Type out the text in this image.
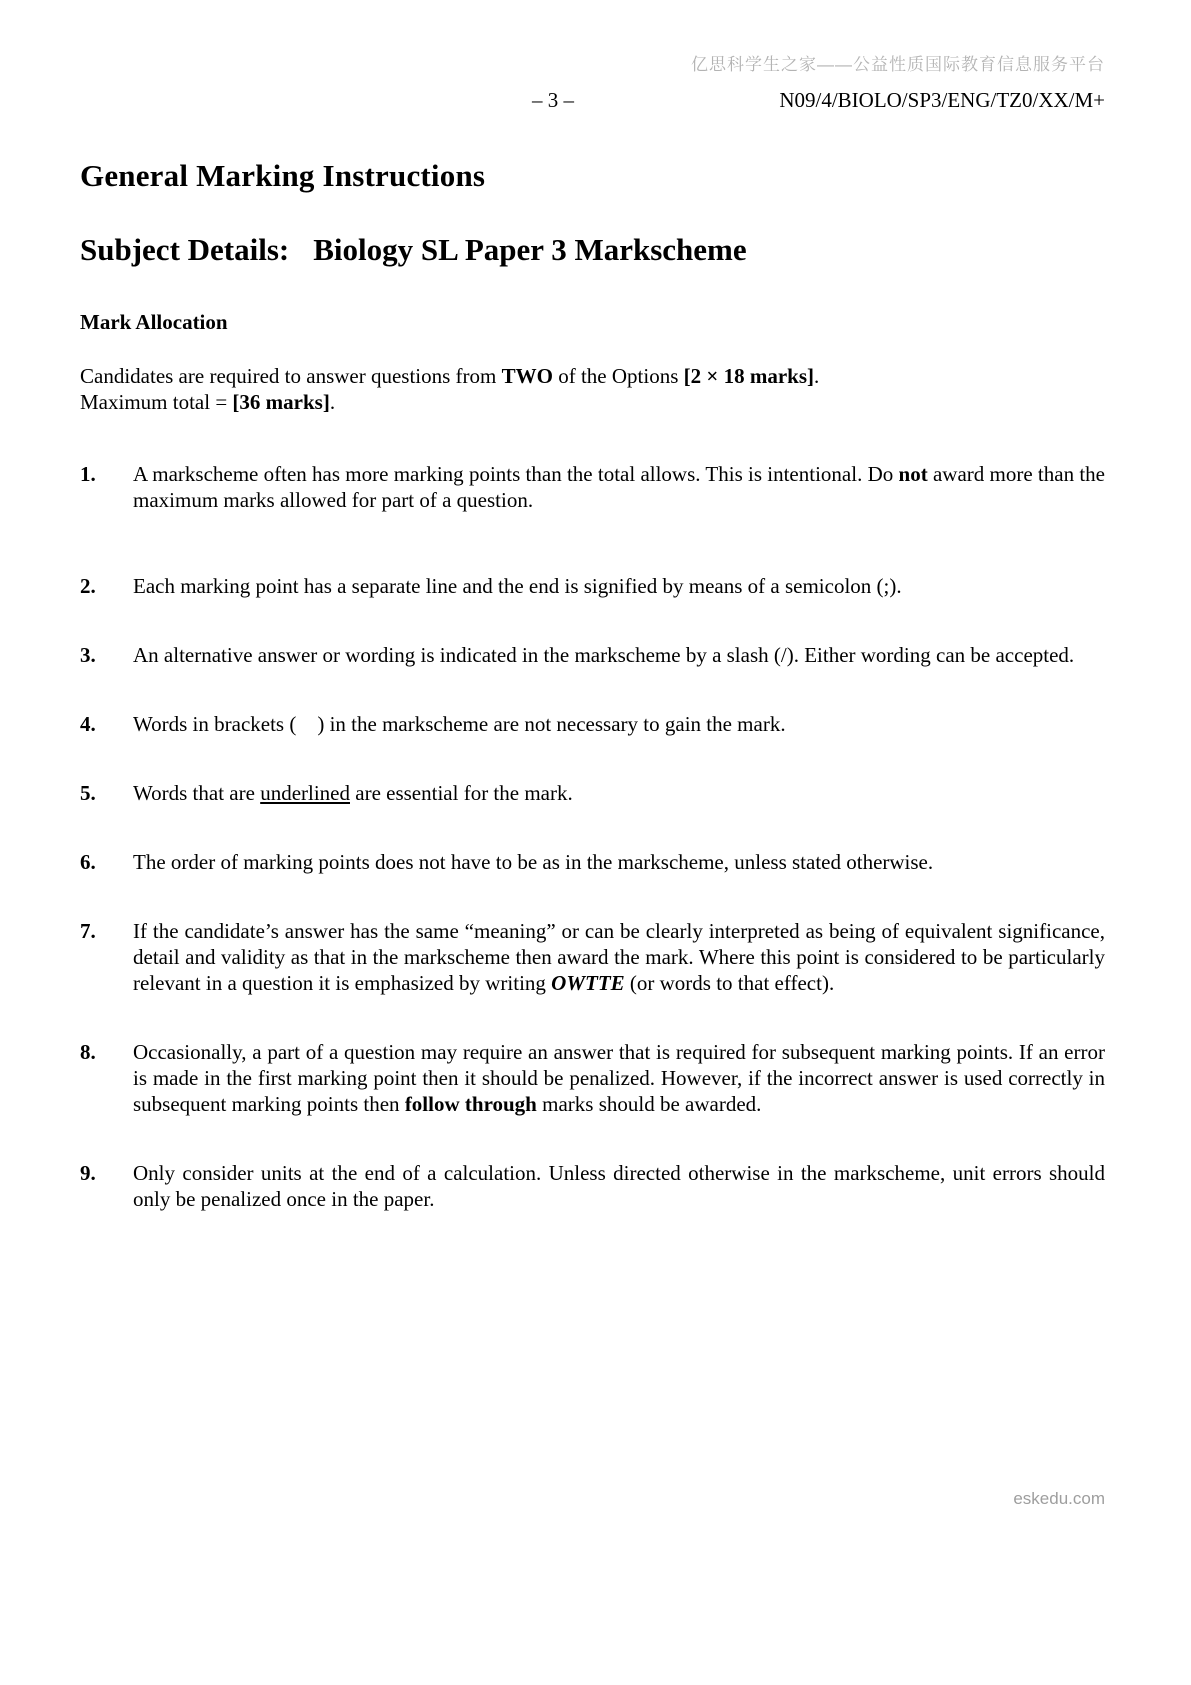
亿思科学生之家——公益性质国际教育信息服务平台
– 3 –	N09/4/BIOLO/SP3/ENG/TZ0/XX/M+
General Marking Instructions
Subject Details: Biology SL Paper 3 Markscheme
Mark Allocation
Candidates are required to answer questions from TWO of the Options [2 × 18 marks].
Maximum total = [36 marks].
1.	A markscheme often has more marking points than the total allows. This is intentional. Do not award more than the maximum marks allowed for part of a question.
2.	Each marking point has a separate line and the end is signified by means of a semicolon (;).
3.	An alternative answer or wording is indicated in the markscheme by a slash (/). Either wording can be accepted.
4.	Words in brackets (    ) in the markscheme are not necessary to gain the mark.
5.	Words that are underlined are essential for the mark.
6.	The order of marking points does not have to be as in the markscheme, unless stated otherwise.
7.	If the candidate’s answer has the same “meaning” or can be clearly interpreted as being of equivalent significance, detail and validity as that in the markscheme then award the mark. Where this point is considered to be particularly relevant in a question it is emphasized by writing OWTTE (or words to that effect).
8.	Occasionally, a part of a question may require an answer that is required for subsequent marking points. If an error is made in the first marking point then it should be penalized. However, if the incorrect answer is used correctly in subsequent marking points then follow through marks should be awarded.
9.	Only consider units at the end of a calculation. Unless directed otherwise in the markscheme, unit errors should only be penalized once in the paper.
eskedu.com
